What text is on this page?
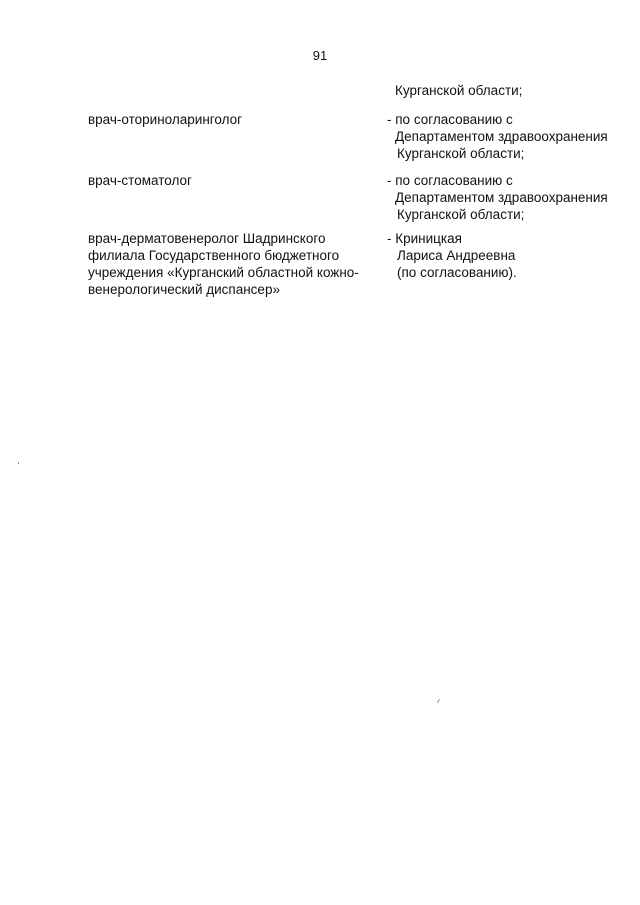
91
Курганской области;
врач-оториноларинголог	- по согласованию с
Департаментом здравоохранения
Курганской области;
врач-стоматолог	- по согласованию с
Департаментом здравоохранения
Курганской области;
врач-дерматовенеролог Шадринского
филиала Государственного бюджетного
учреждения «Курганский областной кожно-
венерологический диспансер»
- Криницкая
Лариса Андреевна
(по согласованию).
